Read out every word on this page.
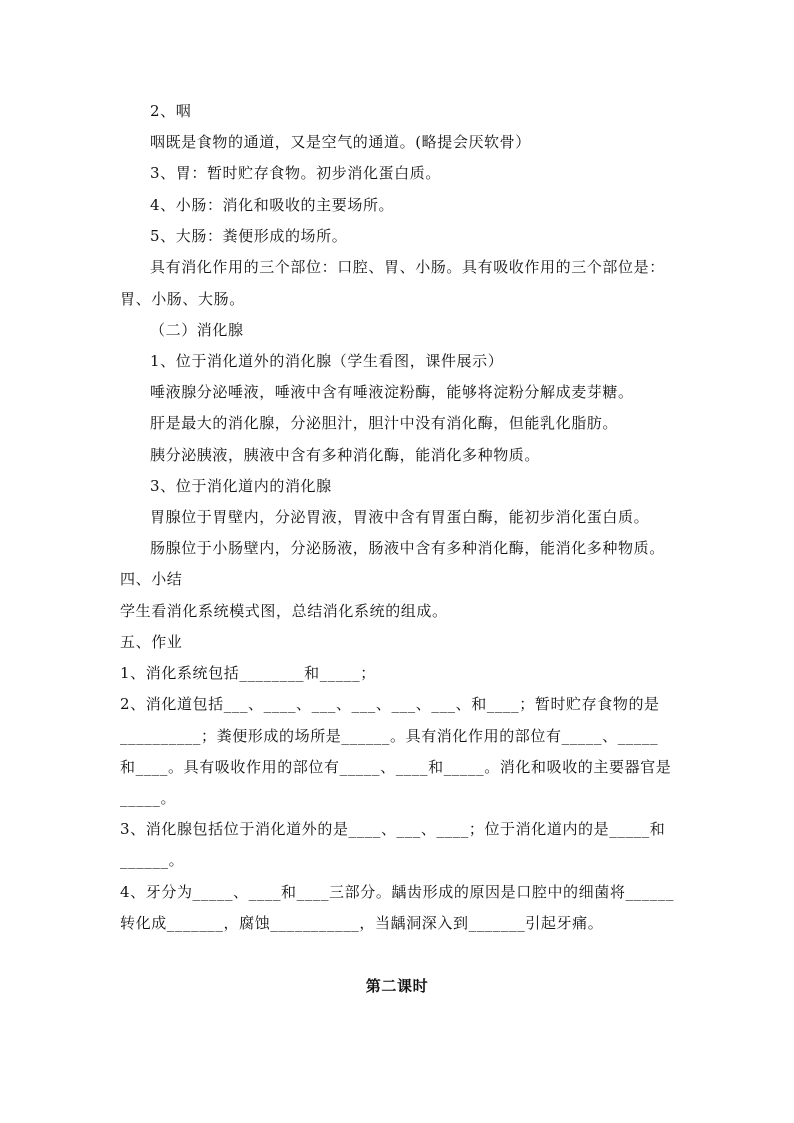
2、咽
咽既是食物的通道，又是空气的通道。(略提会厌软骨）
3、胃：暂时贮存食物。初步消化蛋白质。
4、小肠：消化和吸收的主要场所。
5、大肠：粪便形成的场所。
具有消化作用的三个部位：口腔、胃、小肠。具有吸收作用的三个部位是：
胃、小肠、大肠。
（二）消化腺
1、位于消化道外的消化腺（学生看图，课件展示）
唾液腺分泌唾液，唾液中含有唾液淀粉酶，能够将淀粉分解成麦芽糖。
肝是最大的消化腺，分泌胆汁，胆汁中没有消化酶，但能乳化脂肪。
胰分泌胰液，胰液中含有多种消化酶，能消化多种物质。
3、位于消化道内的消化腺
胃腺位于胃壁内，分泌胃液，胃液中含有胃蛋白酶，能初步消化蛋白质。
肠腺位于小肠壁内，分泌肠液，肠液中含有多种消化酶，能消化多种物质。
四、小结
学生看消化系统模式图，总结消化系统的组成。
五、作业
1、消化系统包括________和_____；
2、消化道包括___、____、___、___、___、___、和____；暂时贮存食物的是
__________；粪便形成的场所是______。具有消化作用的部位有_____、_____
和____。具有吸收作用的部位有_____、____和_____。消化和吸收的主要器官是
_____。
3、消化腺包括位于消化道外的是____、___、____；位于消化道内的是_____和
______。
4、牙分为_____、____和____三部分。龋齿形成的原因是口腔中的细菌将______
转化成_______，腐蚀___________，当龋洞深入到_______引起牙痛。
第二课时
